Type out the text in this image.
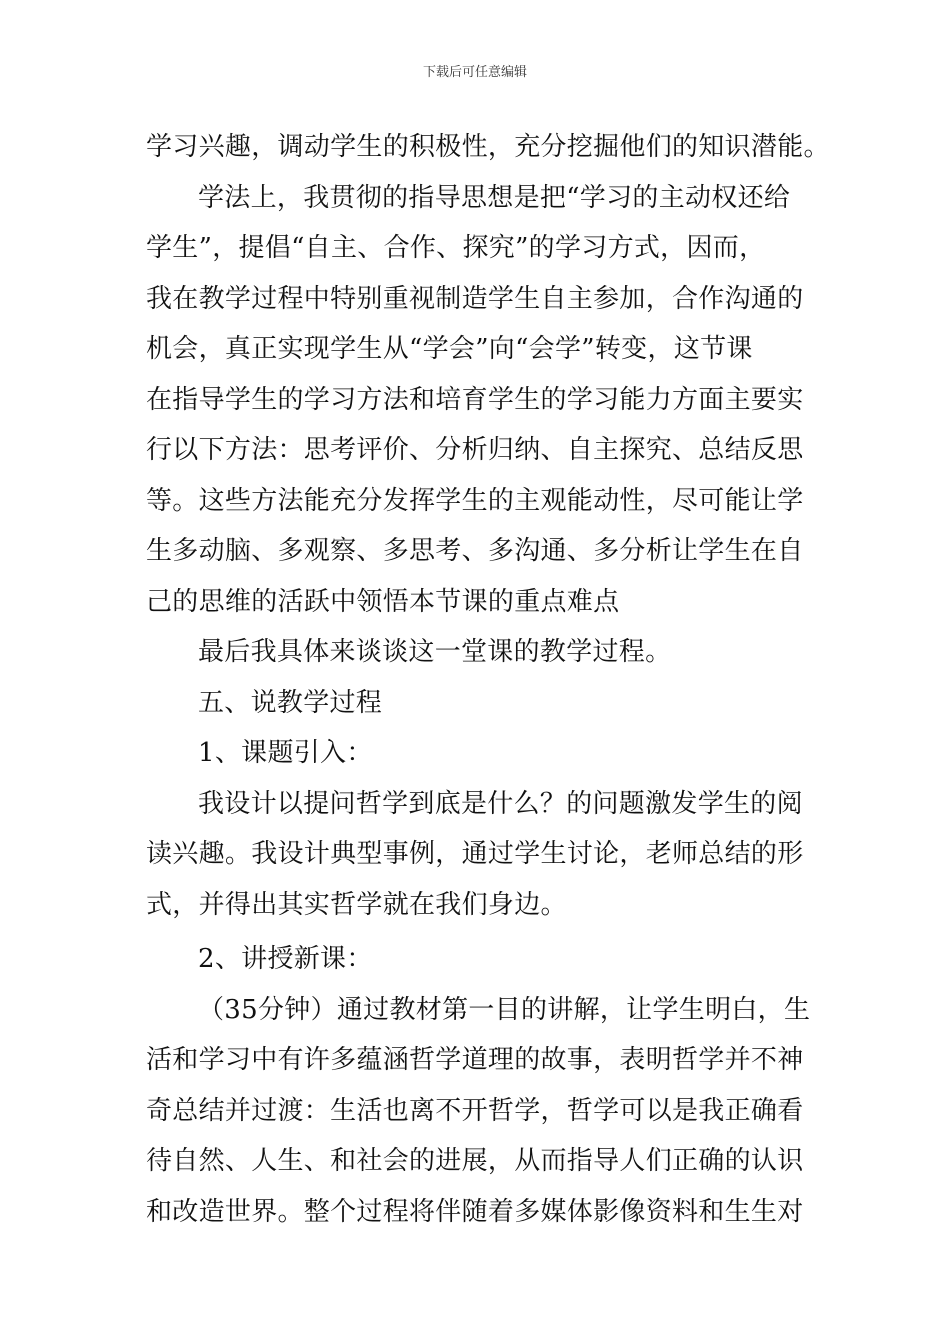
下载后可任意编辑
学习兴趣，调动学生的积极性，充分挖掘他们的知识潜能。
学法上，我贯彻的指导思想是把“学习的主动权还给
学生”，提倡“自主、合作、探究”的学习方式，因而，
我在教学过程中特别重视制造学生自主参加，合作沟通的
机会，真正实现学生从“学会”向“会学”转变，这节课
在指导学生的学习方法和培育学生的学习能力方面主要实
行以下方法：思考评价、分析归纳、自主探究、总结反思
等。这些方法能充分发挥学生的主观能动性，尽可能让学
生多动脑、多观察、多思考、多沟通、多分析让学生在自
己的思维的活跃中领悟本节课的重点难点
最后我具体来谈谈这一堂课的教学过程。
五、说教学过程
1、课题引入：
我设计以提问哲学到底是什么？的问题激发学生的阅
读兴趣。我设计典型事例，通过学生讨论，老师总结的形
式，并得出其实哲学就在我们身边。
2、讲授新课：
（35分钟）通过教材第一目的讲解，让学生明白，生
活和学习中有许多蕴涵哲学道理的故事，表明哲学并不神
奇总结并过渡：生活也离不开哲学，哲学可以是我正确看
待自然、人生、和社会的进展，从而指导人们正确的认识
和改造世界。整个过程将伴随着多媒体影像资料和生生对
